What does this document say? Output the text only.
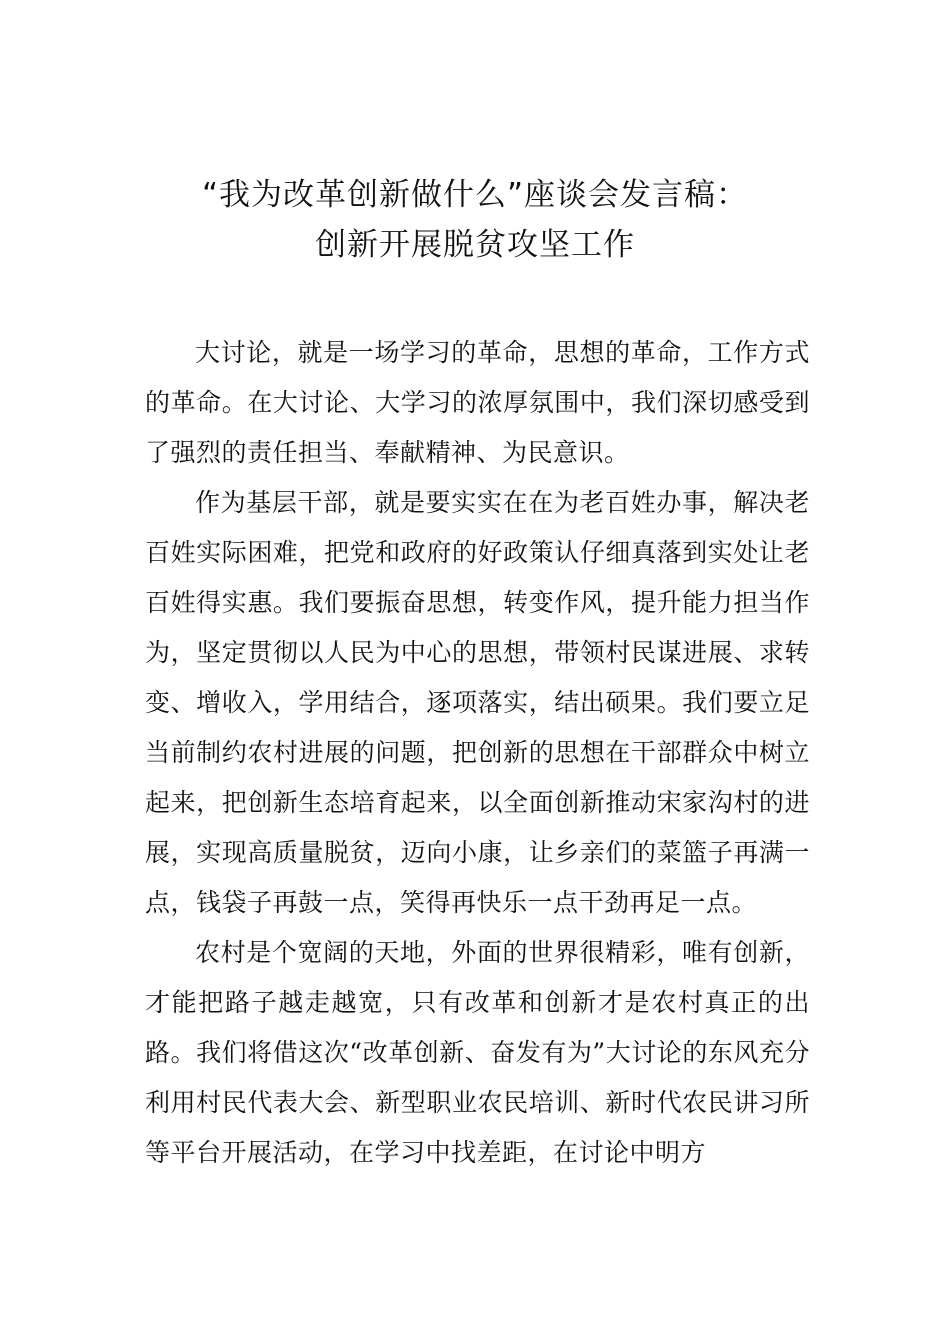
“我为改革创新做什么”座谈会发言稿：
创新开展脱贫攻坚工作

大讨论，就是一场学习的革命，思想的革命，工作方式的革命。在大讨论、大学习的浓厚氛围中，我们深切感受到了强烈的责任担当、奉献精神、为民意识。

作为基层干部，就是要实实在在为老百姓办事，解决老百姓实际困难，把党和政府的好政策认仔细真落到实处让老百姓得实惠。我们要振奋思想，转变作风，提升能力担当作为，坚定贯彻以人民为中心的思想，带领村民谋进展、求转变、增收入，学用结合，逐项落实，结出硕果。我们要立足当前制约农村进展的问题，把创新的思想在干部群众中树立起来，把创新生态培育起来，以全面创新推动宋家沟村的进展，实现高质量脱贫，迈向小康，让乡亲们的菜篮子再满一点，钱袋子再鼓一点，笑得再快乐一点干劲再足一点。

农村是个宽阔的天地，外面的世界很精彩，唯有创新，才能把路子越走越宽，只有改革和创新才是农村真正的出路。我们将借这次“改革创新、奋发有为”大讨论的东风充分利用村民代表大会、新型职业农民培训、新时代农民讲习所等平台开展活动，在学习中找差距，在讨论中明方
